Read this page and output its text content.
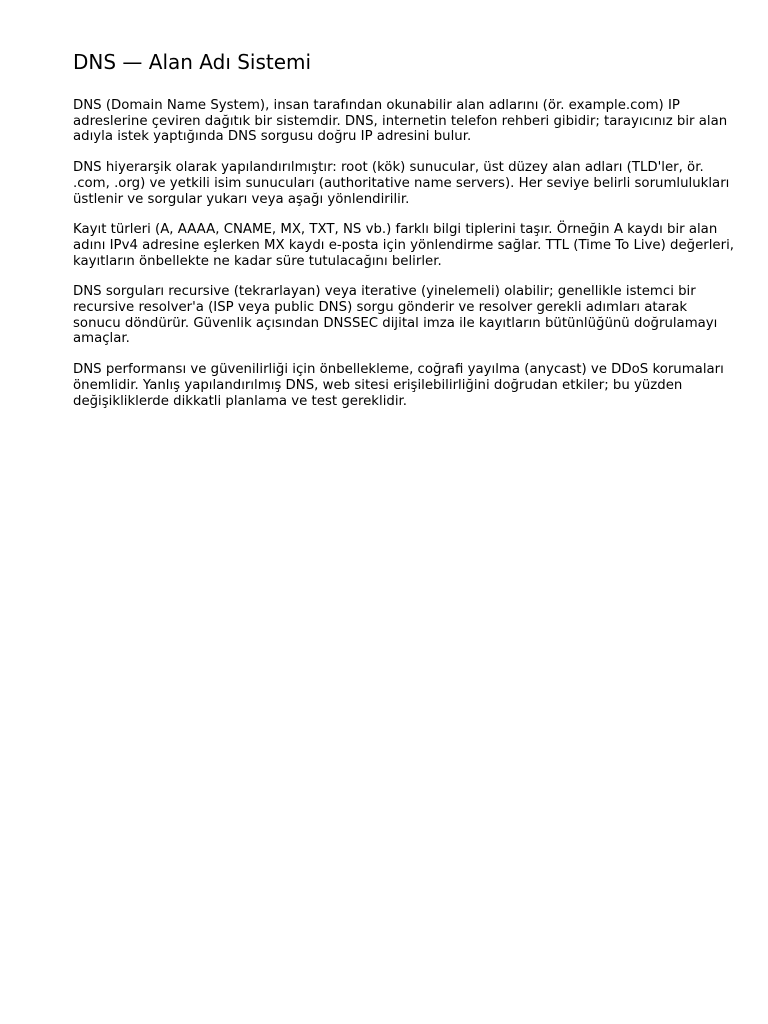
DNS — Alan Adı Sistemi

DNS (Domain Name System), insan tarafından okunabilir alan adlarını (ör. example.com) IP adreslerine çeviren dağıtık bir sistemdir. DNS, internetin telefon rehberi gibidir; tarayıcınız bir alan adıyla istek yaptığında DNS sorgusu doğru IP adresini bulur.

DNS hiyerarşik olarak yapılandırılmıştır: root (kök) sunucular, üst düzey alan adları (TLD'ler, ör. .com, .org) ve yetkili isim sunucuları (authoritative name servers). Her seviye belirli sorumlulukları üstlenir ve sorgular yukarı veya aşağı yönlendirilir.

Kayıt türleri (A, AAAA, CNAME, MX, TXT, NS vb.) farklı bilgi tiplerini taşır. Örneğin A kaydı bir alan adını IPv4 adresine eşlerken MX kaydı e-posta için yönlendirme sağlar. TTL (Time To Live) değerleri, kayıtların önbellekte ne kadar süre tutulacağını belirler.

DNS sorguları recursive (tekrarlayan) veya iterative (yinelemeli) olabilir; genellikle istemci bir recursive resolver'a (ISP veya public DNS) sorgu gönderir ve resolver gerekli adımları atarak sonucu döndürür. Güvenlik açısından DNSSEC dijital imza ile kayıtların bütünlüğünü doğrulamayı amaçlar.

DNS performansı ve güvenilirliği için önbellekleme, coğrafi yayılma (anycast) ve DDoS korumaları önemlidir. Yanlış yapılandırılmış DNS, web sitesi erişilebilirliğini doğrudan etkiler; bu yüzden değişikliklerde dikkatli planlama ve test gereklidir.
